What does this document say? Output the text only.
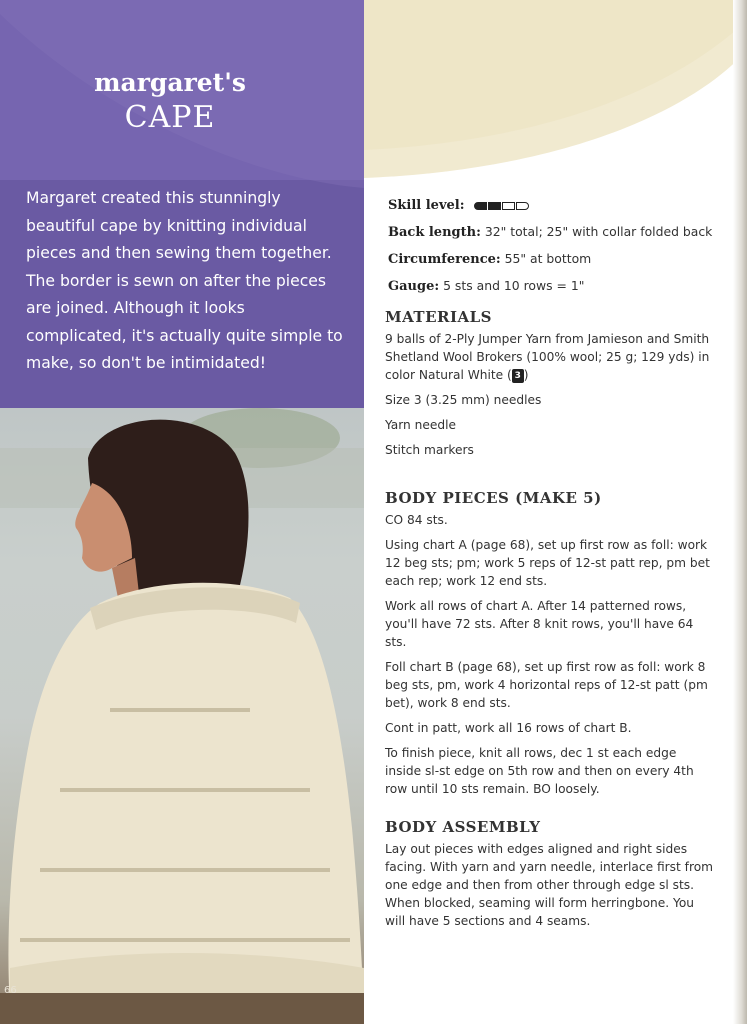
margaret's
CAPE
Margaret created this stunningly beautiful cape by knitting individual pieces and then sewing them together. The border is sewn on after the pieces are joined. Although it looks complicated, it's actually quite simple to make, so don't be intimidated!
66
Skill level:
Back length: 32" total; 25" with collar folded back
Circumference: 55" at bottom
Gauge: 5 sts and 10 rows = 1"
MATERIALS

9 balls of 2-Ply Jumper Yarn from Jamieson and Smith Shetland Wool Brokers (100% wool; 25 g; 129 yds) in color Natural White ( 3 )

Size 3 (3.25 mm) needles
Yarn needle
Stitch markers
BODY PIECES (MAKE 5)

CO 84 sts.

Using chart A (page 68), set up first row as foll: work 12 beg sts; pm; work 5 reps of 12-st patt rep, pm bet each rep; work 12 end sts.

Work all rows of chart A. After 14 patterned rows, you'll have 72 sts. After 8 knit rows, you'll have 64 sts.

Foll chart B (page 68), set up first row as foll: work 8 beg sts, pm, work 4 horizontal reps of 12-st patt (pm bet), work 8 end sts.

Cont in patt, work all 16 rows of chart B.

To finish piece, knit all rows, dec 1 st each edge inside sl-st edge on 5th row and then on every 4th row until 10 sts remain. BO loosely.

BODY ASSEMBLY

Lay out pieces with edges aligned and right sides facing. With yarn and yarn needle, interlace first from one edge and then from other through edge sl sts. When blocked, seaming will form herringbone. You will have 5 sections and 4 seams.
